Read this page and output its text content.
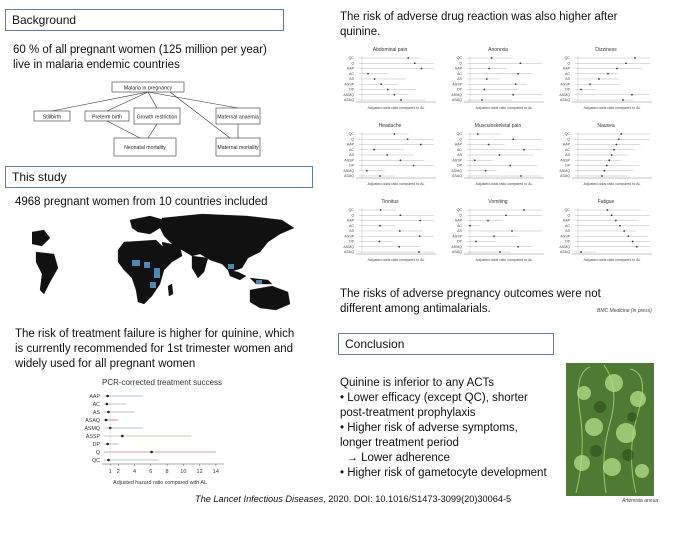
Background
60 % of all pregnant women (125 million per year)
live in malaria endemic countries
Malaria in pregnancy
Stillbirth	Preterm birth	Growth restriction	Maternal anaemia
Neonatal mortality	Maternal mortality
This study
4968 pregnant women from 10 countries included
The risk of treatment failure is higher for quinine, which
is currently recommended for 1st trimester women and
widely used for all pregnant women
PCR-corrected treatment success
AAP
AC
AS
ASAQ
ASMQ
ASSP
DP
Q
QC
1 2 4 6 8 10 12 14
Adjusted hazard ratio compared with AL
The Lancet Infectious Diseases, 2020. DOI: 10.1016/S1473-3099(20)30064-5
The risk of adverse drug reaction was also higher after
quinine.
Abdominal pain
QC
Q
AAP
AC
AS
ASSP
DP
ASMQ
ASAQ
Adjusted odds ratio compared to AL
Anorexia
QC
Q
AAP
AC
AS
ASSP
DP
ASMQ
ASAQ
Adjusted odds ratio compared to AL
Dizziness
QC
Q
AAP
AC
AS
ASSP
DP
ASMQ
ASAQ
Adjusted odds ratio compared to AL
Headache
QC
Q
AAP
AC
AS
ASSP
DP
ASMQ
ASAQ
Adjusted odds ratio compared to AL
Musculoskeletal pain
QC
Q
AAP
AC
AS
ASSP
DP
ASMQ
ASAQ
Adjusted odds ratio compared to AL
Nausea
QC
Q
AAP
AC
AS
ASSP
DP
ASMQ
ASAQ
Adjusted odds ratio compared to AL
Tinnitus
QC
Q
AAP
AC
AS
ASSP
DP
ASMQ
ASAQ
Adjusted odds ratio compared to AL
Vomiting
QC
Q
AAP
AC
AS
ASSP
DP
ASMQ
ASAQ
Adjusted odds ratio compared to AL
Fatigue
QC
Q
AAP
AC
AS
ASSP
DP
ASMQ
ASAQ
Adjusted odds ratio compared to AL
The risks of adverse pregnancy outcomes were not
different among antimalarials.	BMC Medicine (in press)
Conclusion
Quinine is inferior to any ACTs
• Lower efficacy (except QC), shorter
post-treatment prophylaxis
• Higher risk of adverse symptoms,
longer treatment period
→ Lower adherence
• Higher risk of gametocyte development
Artemisia annua
